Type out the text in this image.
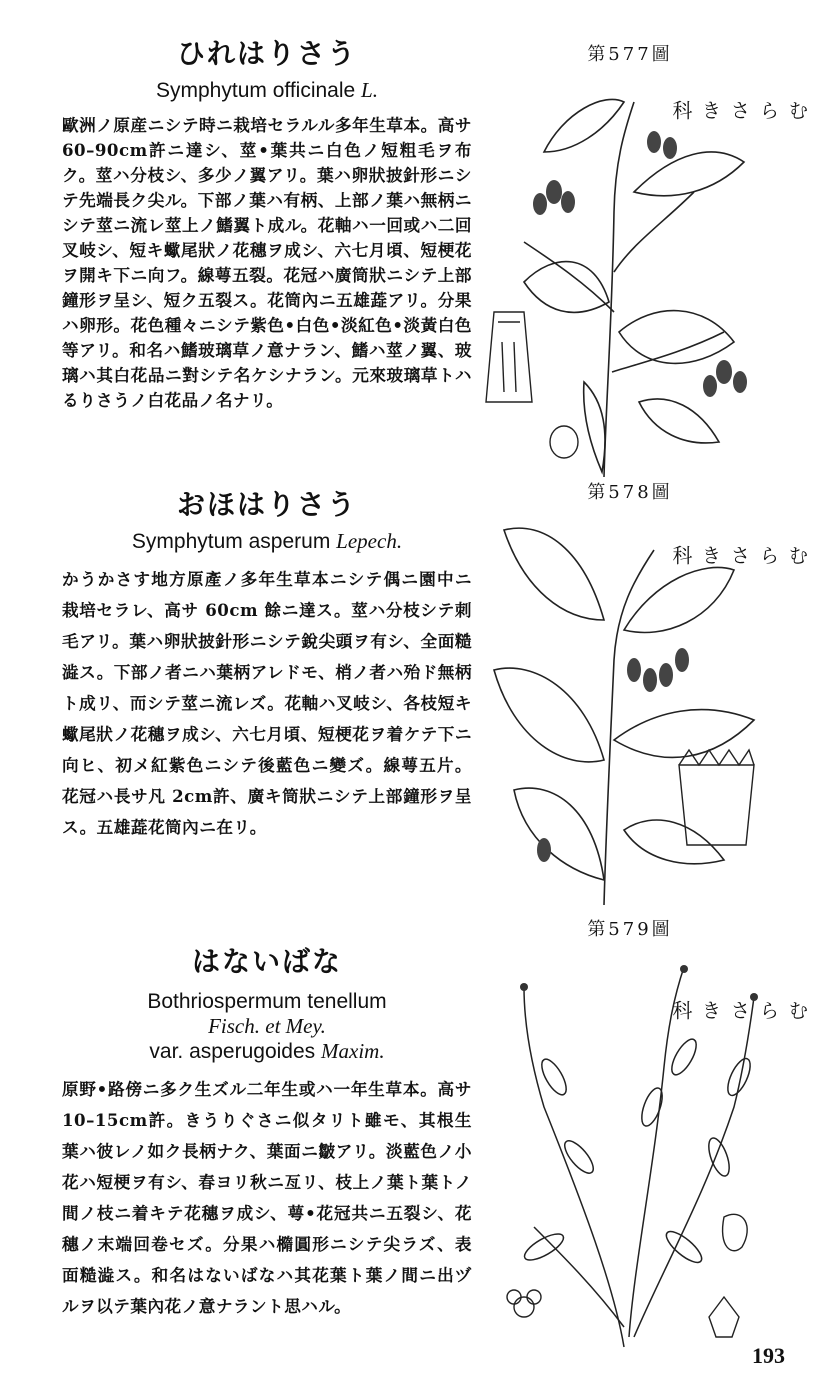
ひれはりさう
Symphytum officinale L.

歐洲ノ原産ニシテ時ニ栽培セラルル多年生草本。高サ60–90cm許ニ達シ、莖•葉共ニ白色ノ短粗毛ヲ布ク。莖ハ分枝シ、多少ノ翼アリ。葉ハ卵狀披針形ニシテ先端長ク尖ル。下部ノ葉ハ有柄、上部ノ葉ハ無柄ニシテ莖ニ流レ莖上ノ鰭翼ト成ル。花軸ハ一回或ハ二回叉岐シ、短キ蠍尾狀ノ花穗ヲ成シ、六七月頃、短梗花ヲ開キ下ニ向フ。線萼五裂。花冠ハ廣筒狀ニシテ上部鐘形ヲ呈シ、短ク五裂ス。花筒內ニ五雄蕋アリ。分果ハ卵形。花色種々ニシテ紫色•白色•淡紅色•淡黃白色等アリ。和名ハ鰭玻璃草ノ意ナラン、鰭ハ莖ノ翼、玻璃ハ其白花品ニ對シテ名ケシナラン。元來玻璃草トハるりさうノ白花品ノ名ナリ。

第577圖
むらさき科
おほはりさう
Symphytum asperum Lepech.

かうかさす地方原產ノ多年生草本ニシテ偶ニ園中ニ栽培セラレ、高サ 60cm 餘ニ達ス。莖ハ分枝シテ刺毛アリ。葉ハ卵狀披針形ニシテ銳尖頭ヲ有シ、全面糙澁ス。下部ノ者ニハ葉柄アレドモ、梢ノ者ハ殆ド無柄ト成リ、而シテ莖ニ流レズ。花軸ハ叉岐シ、各枝短キ蠍尾狀ノ花穗ヲ成シ、六七月頃、短梗花ヲ着ケテ下ニ向ヒ、初メ紅紫色ニシテ後藍色ニ變ズ。線萼五片。花冠ハ長サ凡 2cm許、廣キ筒狀ニシテ上部鐘形ヲ呈ス。五雄蕋花筒內ニ在リ。

第578圖
むらさき科
はないばな
Bothriospermum tenellum
Fisch. et Mey.
var. asperugoides Maxim.

原野•路傍ニ多ク生ズル二年生或ハ一年生草本。高サ 10–15cm許。きうりぐさニ似タリト雖モ、其根生葉ハ彼レノ如ク長柄ナク、葉面ニ皺アリ。淡藍色ノ小花ハ短梗ヲ有シ、春ヨリ秋ニ亙リ、枝上ノ葉ト葉トノ間ノ枝ニ着キテ花穗ヲ成シ、萼•花冠共ニ五裂シ、花穗ノ末端回卷セズ。分果ハ橢圓形ニシテ尖ラズ、表面糙澁ス。和名はないばなハ其花葉ト葉ノ間ニ出ヅルヲ以テ葉內花ノ意ナラント思ハル。

第579圖
むらさき科
193
